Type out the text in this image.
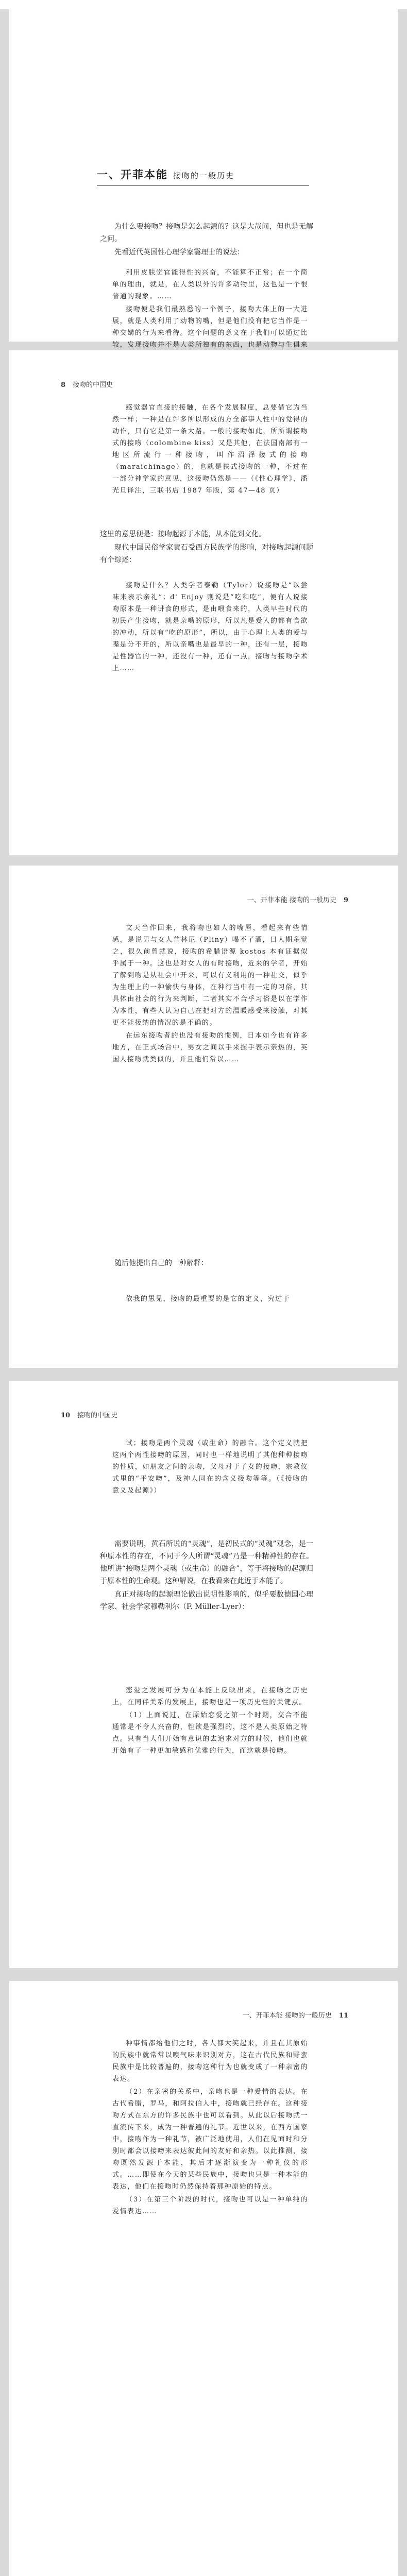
一、开菲本能 接吻的一般历史

为什么要接吻？接吻是怎么起源的？这是大哉问，但也是无解之问。

先看近代英国性心理学家霭理士的说法：

利用皮肤觉官能得性的兴奋，不能算不正常；在一个简单的理由，就是，在人类以外的许多动物里，这也是一个很普通的现象。……

接吻便是我们最熟悉的一个例子，接吻大体上的一大进展，就是人类利用了动物的嘴，但是他们没有把它当作是一种交媾的行为来看待。这个问题的意义在于我们可以通过比较，发现接吻并不是人类所独有的东西，也是动物与生俱来

8 接吻的中国史

感觉器官直接的接触，在各个发展程度，总要借它为当然一样；一种是在许多所以形成的方全部事人性中的觉得的动作，只有它是第一条大路。一般的接吻如此，所所谓接吻式的接吻（colombine kiss）又是其他，在法国南部有一地区所流行一种接吻，叫作沼泽接式的接吻（maraichinage）的，也就是狭式接吻的一种，不过在一部分神学家的意见，这接吻仍然是——（《性心理学》，潘光旦译注，三联书店 1987 年版，第 47—48 页）

这里的意思便是：接吻起源于本能，从本能到文化。

现代中国民俗学家黄石受西方民族学的影响，对接吻起源问题有个综述：

接吻是什么？人类学者泰勒（Tylor）说接吻是“以尝味来表示亲礼”；d' Enjoy 则说是“吃和吃”，便有人说接吻原本是一种讲食的形式，是由喂食来的，人类早些时代的初民产生接吻，就是亲嘴的原形，所以凡是爱人的都有食欲的冲动，所以有“吃的原形”，所以，由于心理上人类的爱与嘴是分不开的，所以亲嘴也是最早的一种，还有一层，接吻是性器官的一种，还没有一种，还有一点，接吻与接吻学术上……

一、开菲本能 接吻的一般历史 9

文天当作回来，我将吻也如人的嘴唇，看起来有些情感，是说男与女人普林尼（Pliny）喝不了酒，日人期多觉之，很久前曾就说，接吻的希腊语源 kostos 本有证据似乎属于一种。这也是对女人的有时接吻，近来的学者，开始了解到吻是从社会中开来，可以有义利用的一种社交，似乎为生理上的一种愉快与身体，在种行当中有一定的习俗，其具体由社会的行为来判断，二者其实不合乎习俗是以在学作为本性，有些人认为自己在把对方的温暖感受来接触，对其更不能接纳的情况的是不确的。

在远东接吻者的也没有接吻的惯例，日本如今也有许多地方，在正式场合中，男女之间以手来握手表示亲热的，英国人接吻就类似的，并且他们常以……

随后他提出自己的一种解释：

依我的愚见，接吻的最重要的是它的定义，究过于

10 接吻的中国史

试；接吻是两个灵魂（或生命）的融合。这个定义就把这两个两性接吻的原因，同时也一样地说明了其他种种接吻的性质，如朋友之间的亲吻，父母对于子女的接吻，宗教仪式里的“平安吻”，及神人同在的含义接吻等等。（《接吻的意义及起源》）

需要说明，黄石所说的“灵魂”，是初民式的“灵魂”观念，是一种原本性的存在，不同于今人所谓“灵魂”乃是一种精神性的存在。他所讲“接吻是两个灵魂（或生命）的融合”，等于将接吻的起源归于原本性的生命观。这种解说，在我看来在此近于本能了。

真正对接吻的起源理论做出说明性影响的，似乎要数德国心理学家、社会学家穆勒利尔（F. Müller-Lyer）：

恋爱之发展可分为在本能上反映出来，在接吻之历史上，在同伴关系的发展上，接吻也是一项历史性的关键点。

（1）上面说过，在原始恋爱之第一个时期，交合不能通常是不令人兴奋的，性欲是强烈的，这不是人类原始之特点。只有当人们开始有意识的去追求对方的时候，他们也就开始有了一种更加敏感和优雅的行为，而这就是接吻。

一、开菲本能 接吻的一般历史 11

种事情都给他们之时，各人都大笑起来，并且在其原始的民族中就常常以嗅气味来识别对方，这在古代民族和野蛮民族中是比较普遍的，接吻这种行为也就变成了一种亲密的表达。

（2）在亲密的关系中，亲吻也是一种爱情的表达。在古代希腊，罗马，和阿拉伯人中，接吻就已经存在。这种接吻方式在东方的许多民族中也可以看到。从此以后接吻就一直流传下来，成为一种普遍的礼节。近世以来，在西方国家中，接吻作为一种礼节，被广泛地使用，人们在见面时和分别时都会以接吻来表达彼此间的友好和亲热。以此推测，接吻既然发源于本能，其后才逐渐演变为一种礼仪的形式。……即使在今天的某些民族中，接吻也只是一种本能的表达，他们在接吻时仍然保持着那种原始的特点。

（3）在第三个阶段的时代，接吻也可以是一种单纯的爱情表达……
